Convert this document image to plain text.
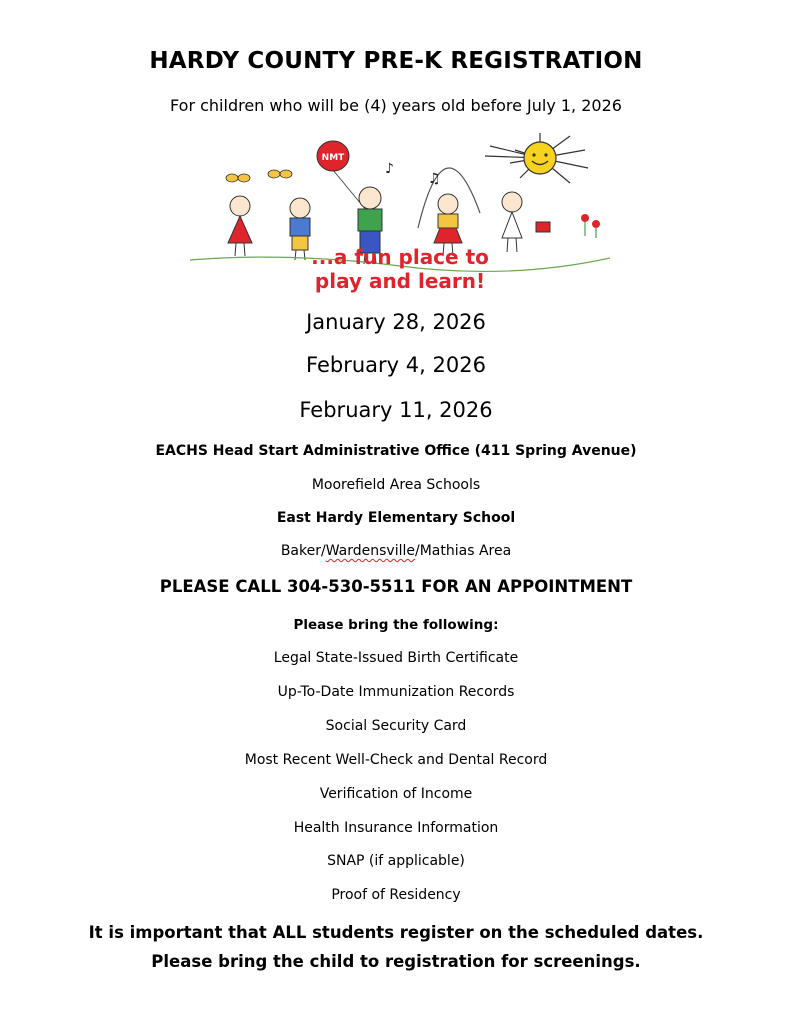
HARDY COUNTY PRE-K REGISTRATION
For children who will be (4) years old before July 1, 2026
NMT
♪
♫
...a fun place to
play and learn!
January 28, 2026
February 4, 2026
February 11, 2026
EACHS Head Start Administrative Office (411 Spring Avenue)
Moorefield Area Schools
East Hardy Elementary School
Baker/Wardensville/Mathias Area
PLEASE CALL 304-530-5511 FOR AN APPOINTMENT
Please bring the following:
Legal State-Issued Birth Certificate
Up-To-Date Immunization Records
Social Security Card
Most Recent Well-Check and Dental Record
Verification of Income
Health Insurance Information
SNAP (if applicable)
Proof of Residency
It is important that ALL students register on the scheduled dates.
Please bring the child to registration for screenings.
